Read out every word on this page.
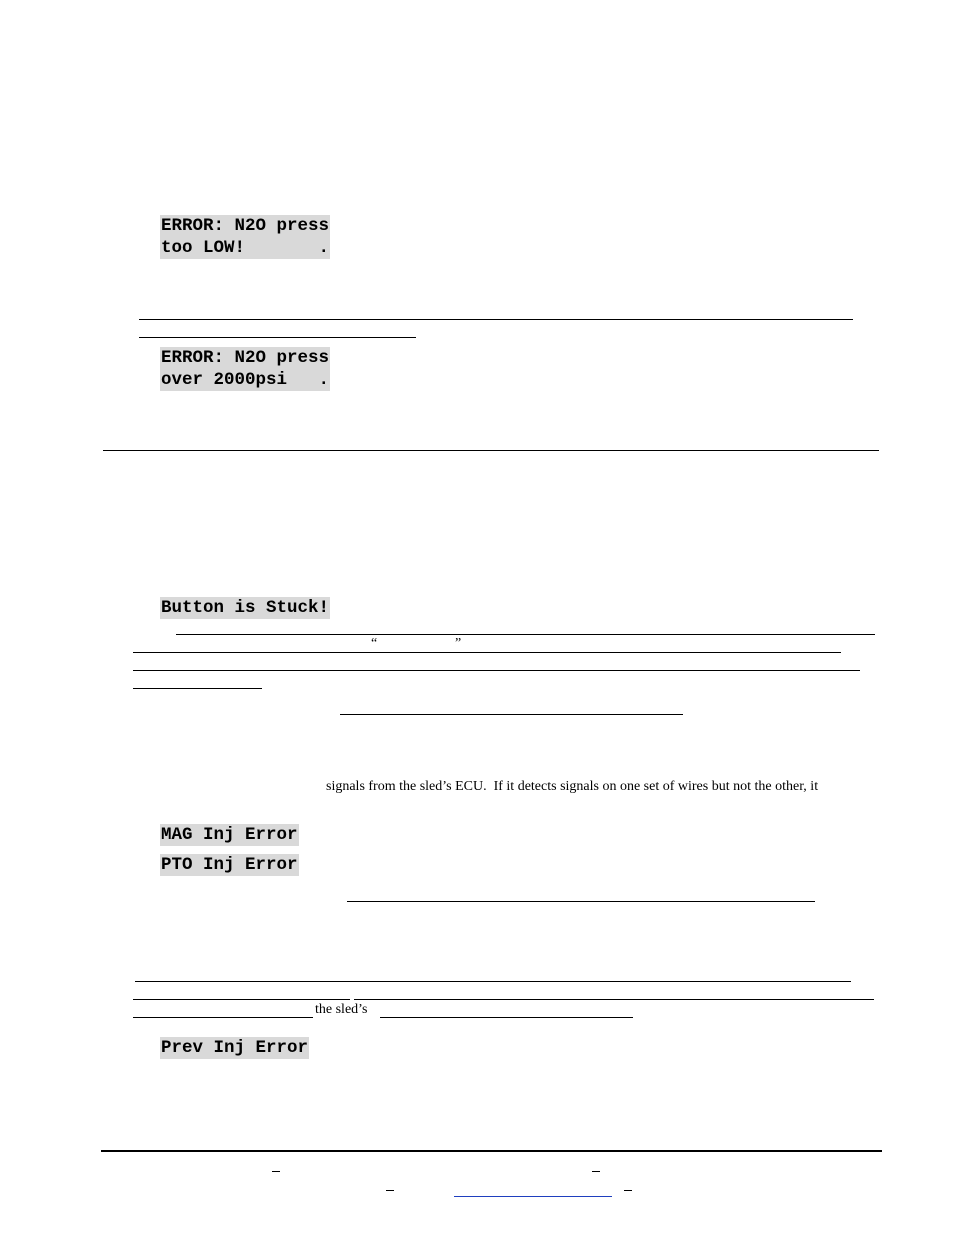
ERROR: N2O press
too LOW!       .
ERROR: N2O press
over 2000psi   .
Button is Stuck!
“	”
signals from the sled’s ECU.  If it detects signals on one set of wires but not the other, it
MAG Inj Error
PTO Inj Error
the sled’s
Prev Inj Error
